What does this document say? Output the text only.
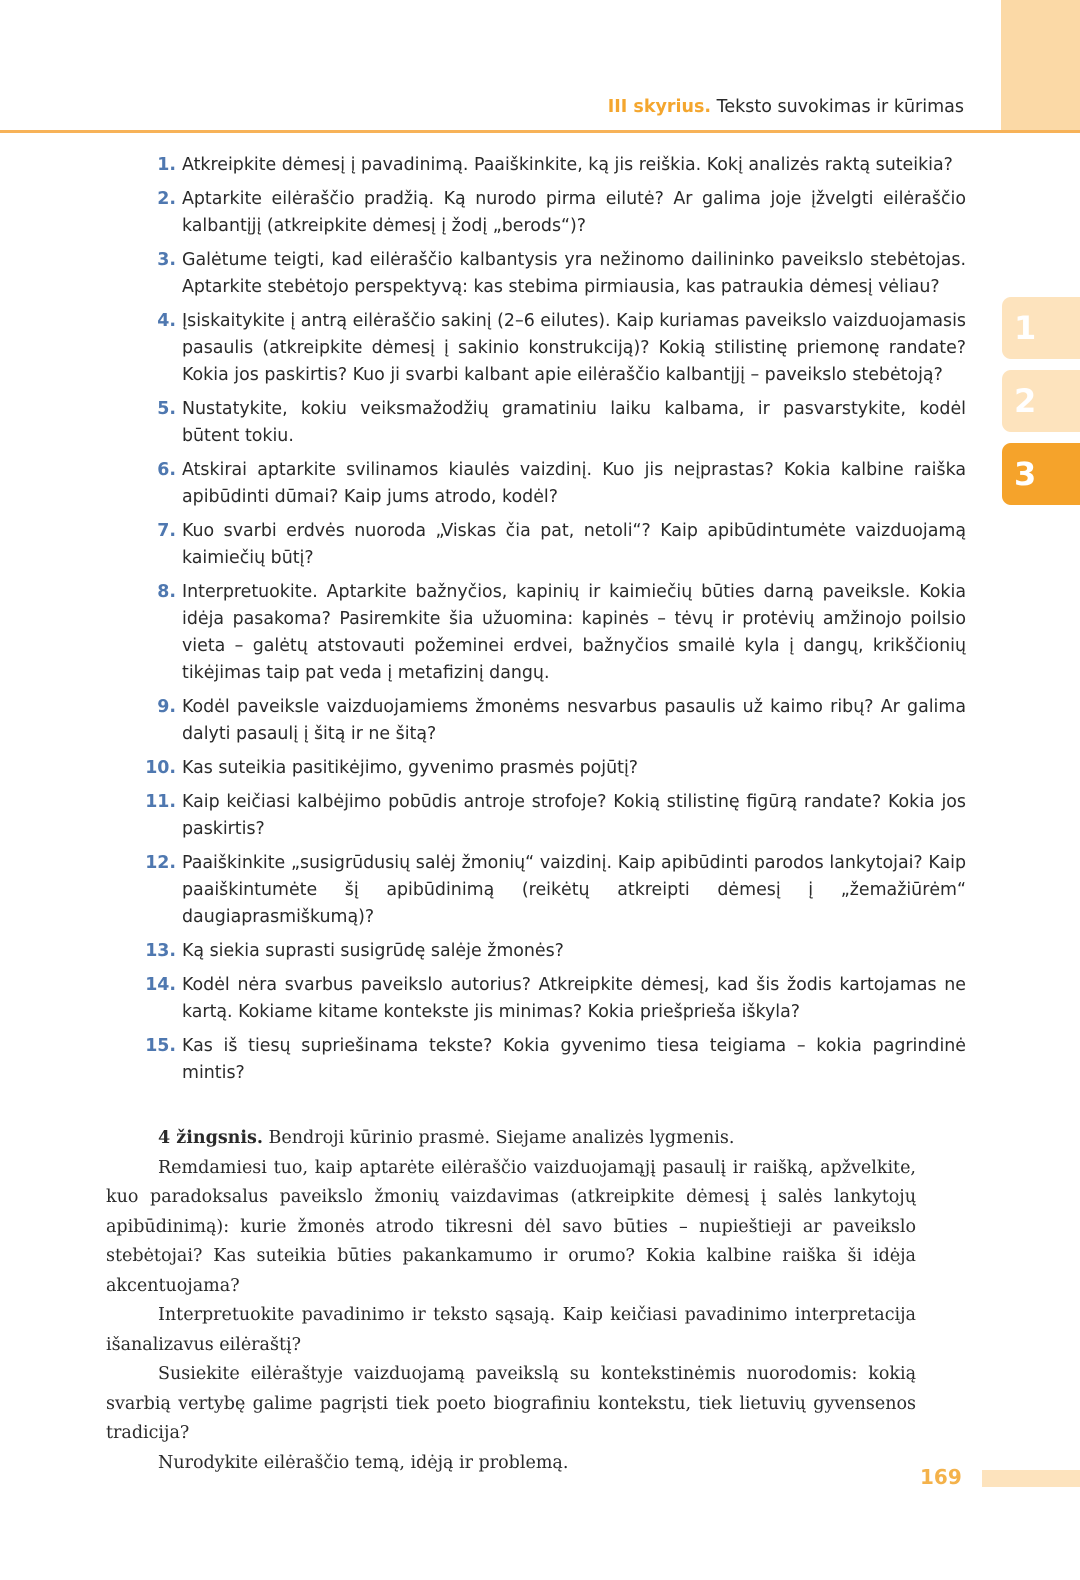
III skyrius. Teksto suvokimas ir kūrimas
1
2
3
1. Atkreipkite dėmesį į pavadinimą. Paaiškinkite, ką jis reiškia. Kokį analizės raktą suteikia?
2. Aptarkite eilėraščio pradžią. Ką nurodo pirma eilutė? Ar galima joje įžvelgti eilėraščio kalbantįjį (atkreipkite dėmesį į žodį „berods“)?
3. Galėtume teigti, kad eilėraščio kalbantysis yra nežinomo dailininko paveikslo stebėtojas. Aptarkite stebėtojo perspektyvą: kas stebima pirmiausia, kas patraukia dėmesį vėliau?
4. Įsiskaitykite į antrą eilėraščio sakinį (2–6 eilutes). Kaip kuriamas paveikslo vaizduojamasis pasaulis (atkreipkite dėmesį į sakinio konstrukciją)? Kokią stilistinę priemonę randate? Kokia jos paskirtis? Kuo ji svarbi kalbant apie eilėraščio kalbantįjį – paveikslo stebėtoją?
5. Nustatykite, kokiu veiksmažodžių gramatiniu laiku kalbama, ir pasvarstykite, kodėl būtent tokiu.
6. Atskirai aptarkite svilinamos kiaulės vaizdinį. Kuo jis neįprastas? Kokia kalbine raiška apibūdinti dūmai? Kaip jums atrodo, kodėl?
7. Kuo svarbi erdvės nuoroda „Viskas čia pat, netoli“? Kaip apibūdintumėte vaizduojamą kaimiečių būtį?
8. Interpretuokite. Aptarkite bažnyčios, kapinių ir kaimiečių būties darną paveiksle. Kokia idėja pasakoma? Pasiremkite šia užuomina: kapinės – tėvų ir protėvių amžinojo poilsio vieta – galėtų atstovauti požeminei erdvei, bažnyčios smailė kyla į dangų, krikščionių tikėjimas taip pat veda į metafizinį dangų.
9. Kodėl paveiksle vaizduojamiems žmonėms nesvarbus pasaulis už kaimo ribų? Ar galima dalyti pasaulį į šitą ir ne šitą?
10. Kas suteikia pasitikėjimo, gyvenimo prasmės pojūtį?
11. Kaip keičiasi kalbėjimo pobūdis antroje strofoje? Kokią stilistinę figūrą randate? Kokia jos paskirtis?
12. Paaiškinkite „susigrūdusių salėj žmonių“ vaizdinį. Kaip apibūdinti parodos lankytojai? Kaip paaiškintumėte šį apibūdinimą (reikėtų atkreipti dėmesį į „žemažiūrėm“ daugiaprasmiškumą)?
13. Ką siekia suprasti susigrūdę salėje žmonės?
14. Kodėl nėra svarbus paveikslo autorius? Atkreipkite dėmesį, kad šis žodis kartojamas ne kartą. Kokiame kitame kontekste jis minimas? Kokia priešprieša iškyla?
15. Kas iš tiesų supriešinama tekste? Kokia gyvenimo tiesa teigiama – kokia pagrindinė mintis?

4 žingsnis. Bendroji kūrinio prasmė. Siejame analizės lygmenis.

Remdamiesi tuo, kaip aptarėte eilėraščio vaizduojamąjį pasaulį ir raišką, apžvelkite, kuo paradoksalus paveikslo žmonių vaizdavimas (atkreipkite dėmesį į salės lankytojų apibūdinimą): kurie žmonės atrodo tikresni dėl savo būties – nupieštieji ar paveikslo stebėtojai? Kas suteikia būties pakankamumo ir orumo? Kokia kalbine raiška ši idėja akcentuojama?

Interpretuokite pavadinimo ir teksto sąsają. Kaip keičiasi pavadinimo interpretacija išanalizavus eilėraštį?

Susiekite eilėraštyje vaizduojamą paveikslą su kontekstinėmis nuorodomis: kokią svarbią vertybę galime pagrįsti tiek poeto biografiniu kontekstu, tiek lietuvių gyvensenos tradicija?

Nurodykite eilėraščio temą, idėją ir problemą.

169
